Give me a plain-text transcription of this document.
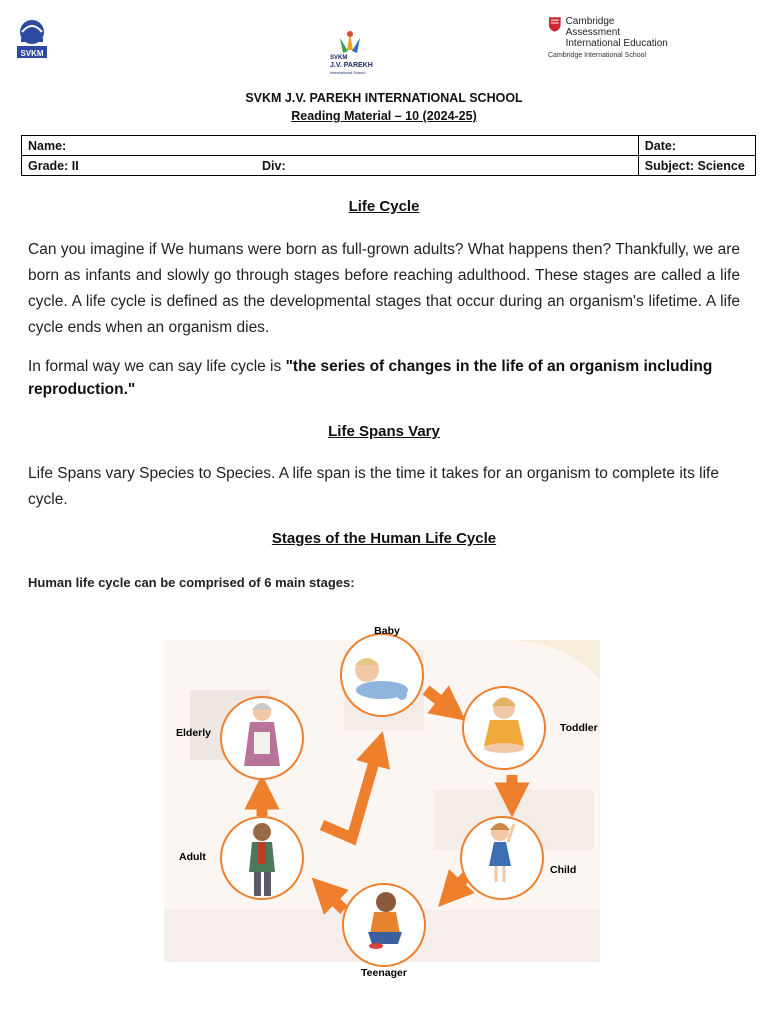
SVKM	SVKM
J.V. PAREKH
International School
Cambridge Assessment
International Education
Cambridge International School
SVKM J.V. PAREKH INTERNATIONAL SCHOOL
Reading Material – 10 (2024-25)
Name:		Date:
Grade: II	Div:	Subject: Science
Life Cycle
Can you imagine if We humans were born as full-grown adults? What happens then? Thankfully, we are born as infants and slowly go through stages before reaching adulthood. These stages are called a life cycle. A life cycle is defined as the developmental stages that occur during an organism's lifetime. A life cycle ends when an organism dies.
In formal way we can say life cycle is "the series of changes in the life of an organism including reproduction."
Life Spans Vary
Life Spans vary Species to Species. A life span is the time it takes for an organism to complete its life cycle.
Stages of the Human Life Cycle
Human life cycle can be comprised of 6 main stages:
Baby
Toddler
Child
Teenager
Adult
Elderly
